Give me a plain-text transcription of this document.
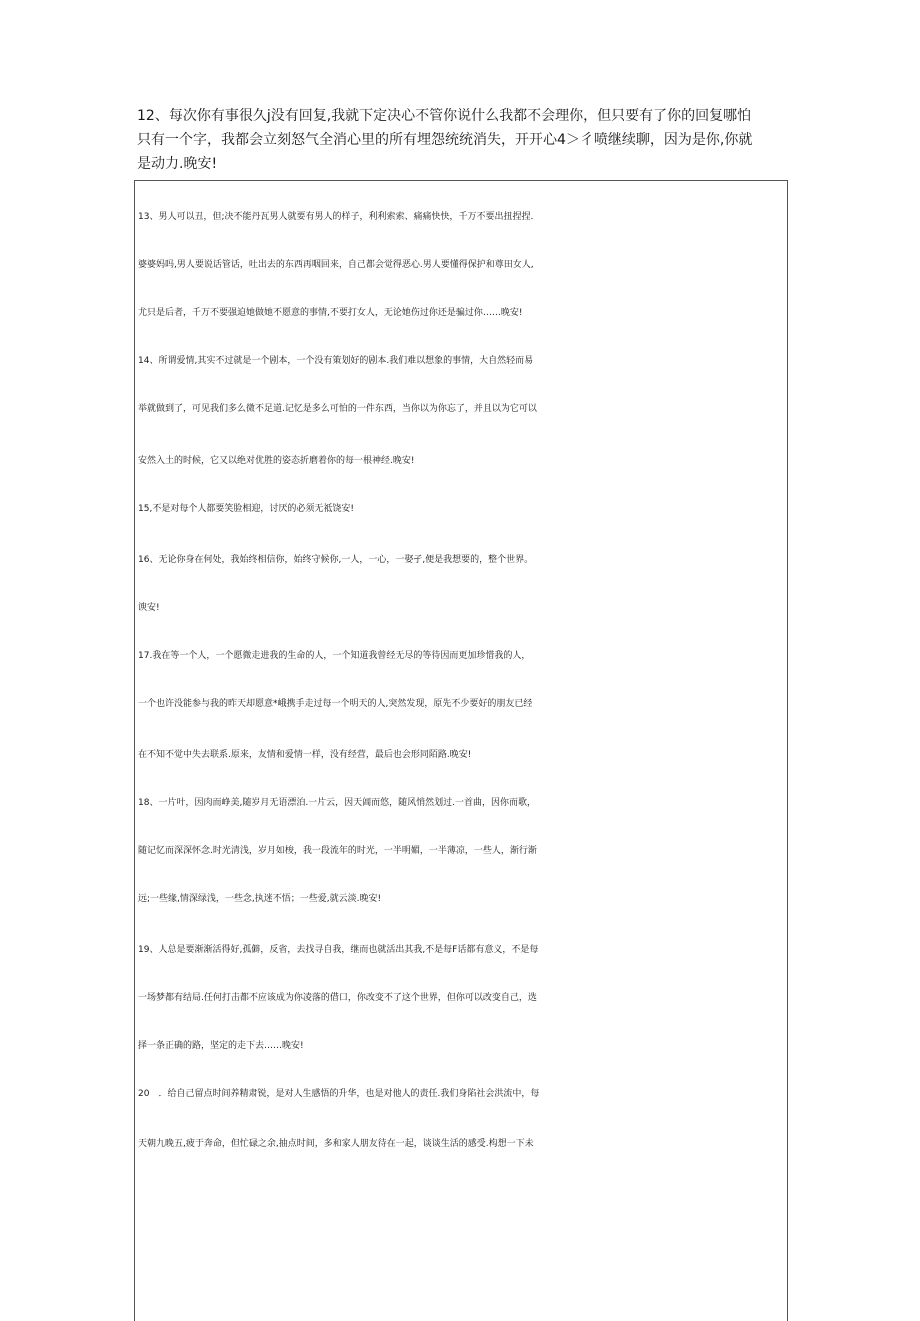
12、每次你有事很久j没有回复,我就下定决心不管你说什么我都不会理你，但只要有了你的回复哪怕
只有一个字，我都会立刻怒气全消心里的所有埋怨统统消失，开开心4＞彳喷继续聊，因为是你,你就
是动力.晚安!
13、男人可以丑，但;决不能丹瓦男人就要有男人的样子，利利索索、痛痛快快，千万不要出扭捏捏.
婆婆妈吗,男人要说话管话，吐出去的东西再咽回来，自己都会觉得恶心.男人要懂得保护和尊田女人,
尤只是后者，千万不要强迫她做她不愿意的事情,不要打女人，无论她伤过你还是骗过你……晚安!
14、所谓爱情,其实不过就是一个剧本，一个没有策划好的剧本.我们难以想象的事情，大自然轻而易
举就做到了，可见我们多么微不足道.记忆是多么可怕的一件东西，当你以为你忘了，并且以为它可以
安然入土的时候，它又以绝对优胜的姿态折磨着你的每一根神经.晚安!
15,不是对每个人都要笑脸相迎，讨厌的必须无祗饶安!
16、无论你身在何处，我始终相信你，始终守候你,一人，一心，一娶孑,便是我想要的，整个世界。
谀安!
17.我在等一个人，一个愿微走进我的生命的人，一个知道我曾经无尽的等待因而更加珍惜我的人，
一个也许没能参与我的昨天却愿意*峨携手走过每一个明天的人,突然发现，原先不少要好的朋友已经
在不知不觉中失去联系.原来，友情和爱情一样，没有经营，最后也会形同陌路.晚安!
18、一片叶，因肉而峥美,随岁月无语漂泊.一片云，因天阊而悠，随风悄然划过.一首曲，因你而歌，
随记忆而深深怀念.时光清浅，岁月如梭，我一段流年的时光，一半明媚，一半薄凉，一些人，渐行渐
远;一些缘,情深绿浅，一些念,执迷不悟；一些爱,就云淡.晚安!
19、人总是要渐渐活得好,孤僻，反省，去找寻自我，继而也就活出其我,不是每F话都有意义，不是每
一场梦都有结局.任何打击都不应该成为你凌落的借口，你改变不了这个世界，但你可以改变自己，选
择一条正确的路，坚定的走下去……晚安!
20　．给自己留点时间养精肃锐，是对人生感悟的升华，也是对他人的责任.我们身陷社会洪流中，每
天朝九晚五,疲于奔命，但忙碌之余,抽点时间，多和家人朋友待在一起，谈谈生活的感受.构想一下未
